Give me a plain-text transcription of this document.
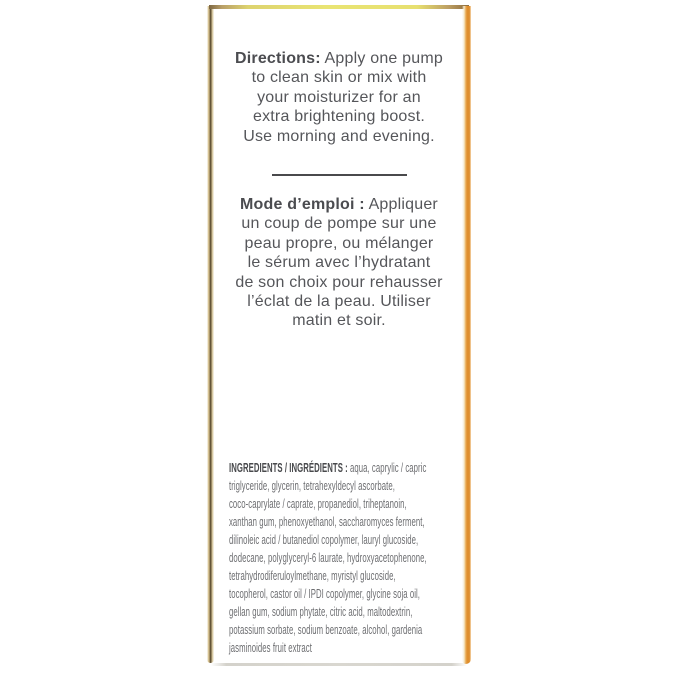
Directions: Apply one pump
to clean skin or mix with
your moisturizer for an
extra brightening boost.
Use morning and evening.
Mode d’emploi : Appliquer
un coup de pompe sur une
peau propre, ou mélanger
le sérum avec l’hydratant
de son choix pour rehausser
l’éclat de la peau. Utiliser
matin et soir.
INGREDIENTS / INGRÉDIENTS : aqua, caprylic / capric
triglyceride, glycerin, tetrahexyldecyl ascorbate,
coco-caprylate / caprate, propanediol, triheptanoin,
xanthan gum, phenoxyethanol, saccharomyces ferment,
dilinoleic acid / butanediol copolymer, lauryl glucoside,
dodecane, polyglyceryl-6 laurate, hydroxyacetophenone,
tetrahydrodiferuloylmethane, myristyl glucoside,
tocopherol, castor oil / IPDI copolymer, glycine soja oil,
gellan gum, sodium phytate, citric acid, maltodextrin,
potassium sorbate, sodium benzoate, alcohol, gardenia
jasminoides fruit extract
